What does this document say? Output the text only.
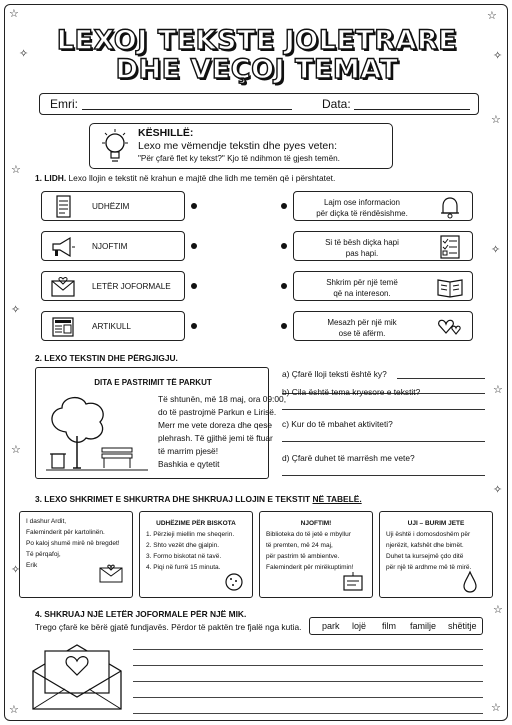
☆
✧
☆
✧
☆
☆
✧
✧
☆
☆
✧
✧
☆
☆	☆
LEXOJ TEKSTE JOLETRARE
DHE VEÇOJ TEMAT
Emri:	Data:
KËSHILLË:
Lexo me vëmendje tekstin dhe pyes veten:
"Për çfarë flet ky tekst?" Kjo të ndihmon të gjesh temën.
1. LIDH. Lexo llojin e tekstit në krahun e majtë dhe lidh me temën që i përshtatet.
UDHËZIM
NJOFTIM
LETËR JOFORMALE
ARTIKULL
Lajm ose informacion
për diçka të rëndësishme.
Si të bësh diçka hapi
pas hapi.
Shkrim për një temë
që na intereson.
Mesazh për një mik
ose të afërm.
2. LEXO TEKSTIN DHE PËRGJIGJU.
DITA E PASTRIMIT TË PARKUT
Të shtunën, më 18 maj, ora 09:00,
do të pastrojmë Parkun e Lirisë.
Merr me vete doreza dhe qese
plehrash. Të gjithë jemi të ftuar
të marrim pjesë!
Bashkia e qytetit
a) Çfarë lloji teksti është ky?
b) Cila është tema kryesore e tekstit?
c) Kur do të mbahet aktiviteti?
d) Çfarë duhet të marrësh me vete?
3. LEXO SHKRIMET E SHKURTRA DHE SHKRUAJ LLOJIN E TEKSTIT NË TABELË.
I dashur Ardit,
Faleminderit për kartolinën.
Po kaloj shumë mirë në bregdet!
Të përqafoj,
Erik
UDHËZIME PËR BISKOTA
1. Përzieji miellin me sheqerin.
2. Shto vezët dhe gjalpin.
3. Formo biskotat në tavë.
4. Piqi në furrë 15 minuta.
NJOFTIM!
Biblioteka do të jetë e mbyllur
të premten, më 24 maj,
për pastrim të ambientve.
Faleminderit për mirëkuptimin!
UJI – BURIM JETE
Uji është i domosdoshëm për
njerëzit, kafshët dhe bimët.
Duhet ta kursejmë çdo ditë
për një të ardhme më të mirë.
4. SHKRUAJ NJË LETËR JOFORMALE PËR NJË MIK.
Trego çfarë ke bërë gjatë fundjavës. Përdor të paktën tre fjalë nga kutia. park lojë film familje shëtitje
